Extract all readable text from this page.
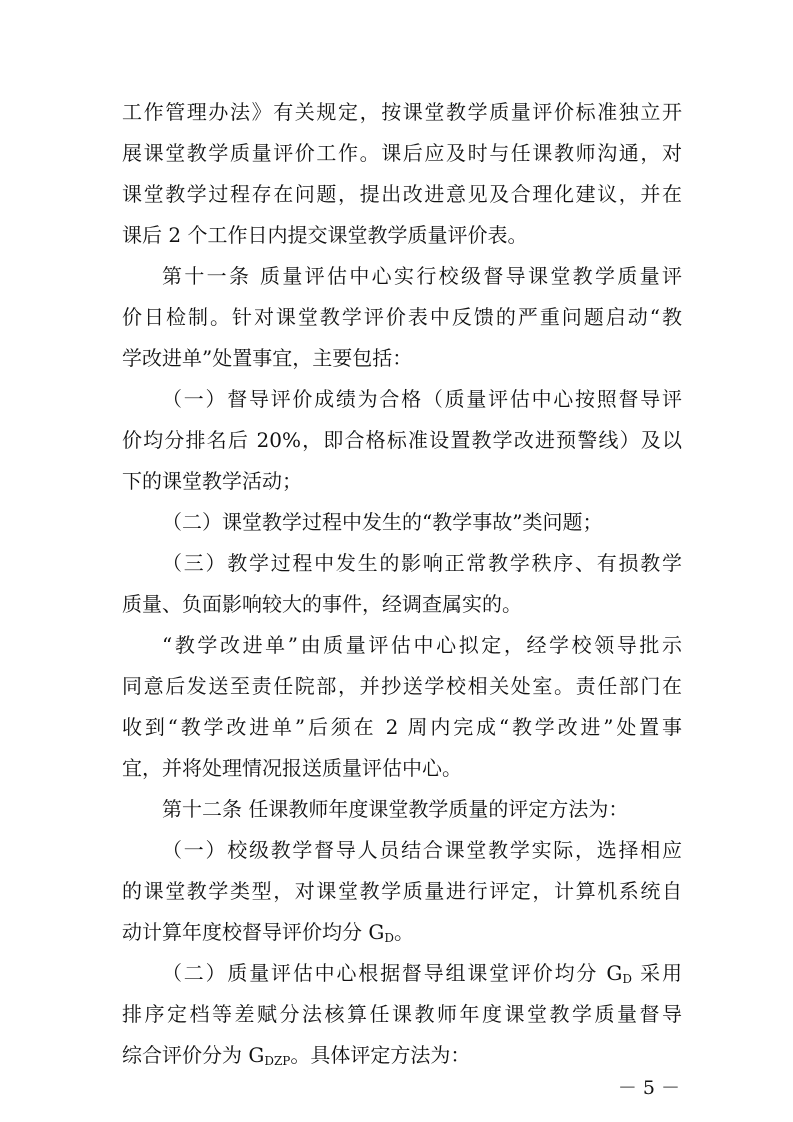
工作管理办法》有关规定，按课堂教学质量评价标准独立开
展课堂教学质量评价工作。课后应及时与任课教师沟通，对
课堂教学过程存在问题，提出改进意见及合理化建议，并在
课后 2 个工作日内提交课堂教学质量评价表。
第十一条 质量评估中心实行校级督导课堂教学质量评
价日检制。针对课堂教学评价表中反馈的严重问题启动“教
学改进单”处置事宜，主要包括：
（一）督导评价成绩为合格（质量评估中心按照督导评
价均分排名后 20%，即合格标准设置教学改进预警线）及以
下的课堂教学活动；
（二）课堂教学过程中发生的“教学事故”类问题；
（三）教学过程中发生的影响正常教学秩序、有损教学
质量、负面影响较大的事件，经调查属实的。
“教学改进单”由质量评估中心拟定，经学校领导批示
同意后发送至责任院部，并抄送学校相关处室。责任部门在
收到“教学改进单”后须在 2 周内完成“教学改进”处置事
宜，并将处理情况报送质量评估中心。
第十二条 任课教师年度课堂教学质量的评定方法为：
（一）校级教学督导人员结合课堂教学实际，选择相应
的课堂教学类型，对课堂教学质量进行评定，计算机系统自
动计算年度校督导评价均分 $G_D$。
（二）质量评估中心根据督导组课堂评价均分 $G_D$ 采用
排序定档等差赋分法核算任课教师年度课堂教学质量督导
综合评价分为 $G_{DZP}$。具体评定方法为：
－ 5 －
